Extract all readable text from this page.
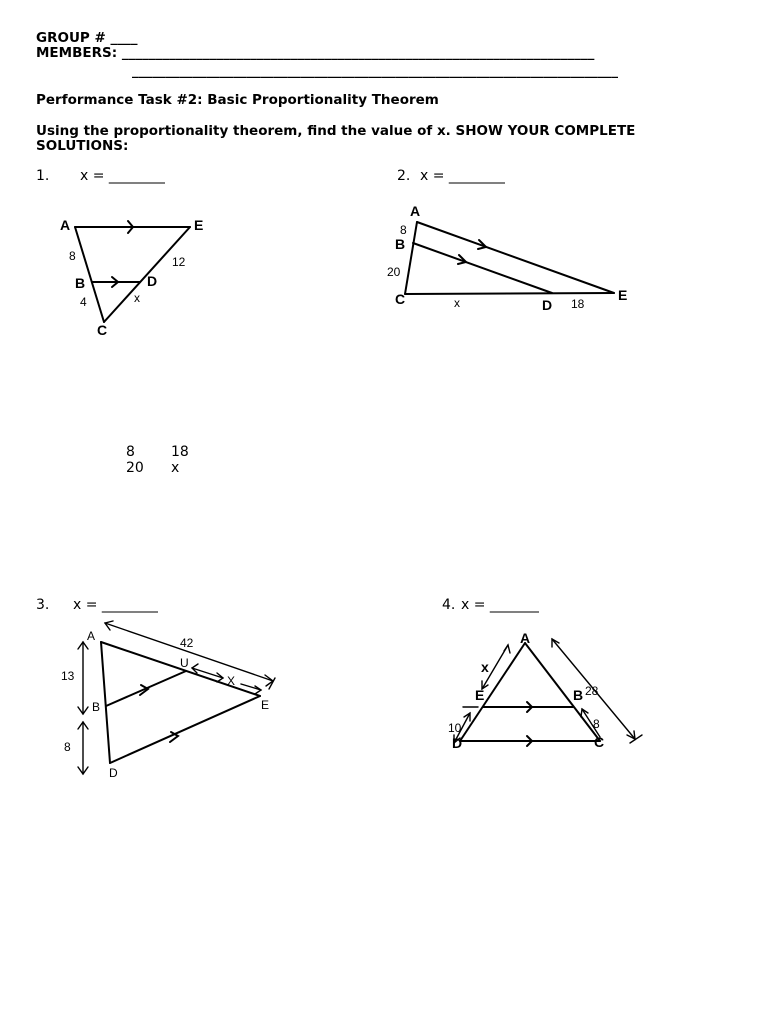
GROUP # ____
MEMBERS: ______________________________________________________________________
________________________________________________________________________
Performance Task #2: Basic Proportionality Theorem
Using the proportionality theorem, find the value of x. SHOW YOUR COMPLETE
SOLUTIONS:
1. x = ________	2. x = ________
3. x = ________	4. x = _______
8	18
20 x
A	E
B	D
C
8
4
12
x
A
B
C	D
E
8
20
x	18
A
B
D
U
E
X
42
13
8
A
E	B
D	C
x
10
28
8
